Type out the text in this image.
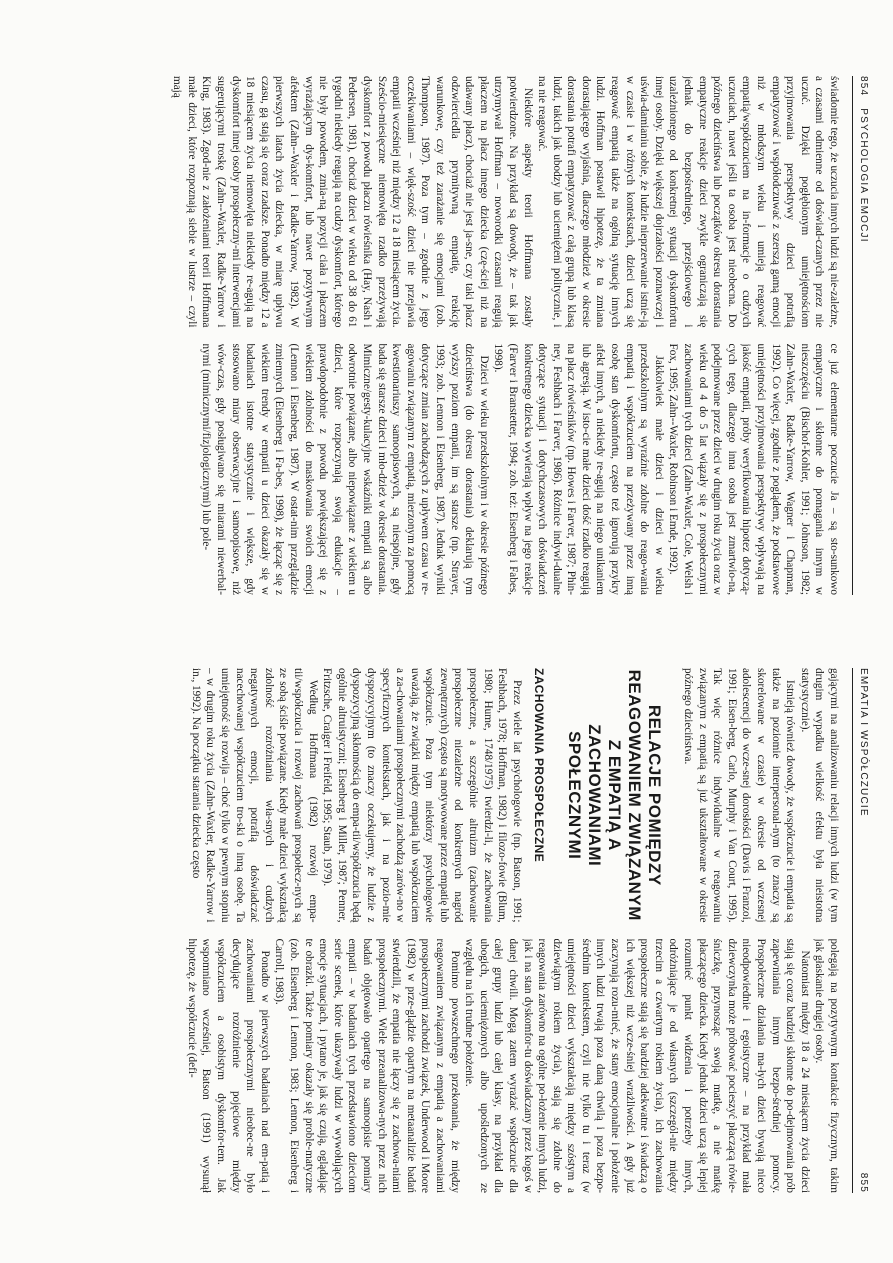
854 PSYCHOLOGIA EMOCJI

świadomie tego, że uczucia innych ludzi są nie-zależne, a czasami odmienne od doświad-czanych przez nie uczuć. Dzięki pogłębionym umiejętnościom przyjmowania perspektywy dzieci potrafią empatyzować i współodczuwać z szerszą gamą emocji niż w młodszym wieku i umieją reagować empatią/współczuciem na in-formacje o cudzych uczuciach, nawet jeśli ta osoba jest nieobecna. Do późnego dzieciństwa lub początków okresu dorastania empatyczne reakcje dzieci zwykle ograniczają się jednak do bezpośredniego, przejściowego i uzależnionego od konkretnej sytuacji dyskomfortu innej osoby. Dzięki większej dojrzałości poznawczej i uświa-damianiu sobie, że ludzie nieprzerwanie istnie-ją w czasie i w różnych kontekstach, dzieci uczą się reagować empatią także na ogólną sytuację innych ludzi. Hoffman postawił hipotezę, że ta zmiana dorastającego wyjaśnia, dlaczego młodzież w okresie dorastania potrafi empatyzować z całą grupą lub klasą ludzi, takich jak ubodzy lub uciemiężeni politycznie, i na nie reagować.

Niektóre aspekty teorii Hoffmana zostały potwierdzone. Na przykład są dowody, że – tak jak utrzymywał Hoffman – noworodki czasami reagują płaczem na płacz innego dziecka (czę-ściej niż na udawany płacz), chociaż nie jest ja-sne, czy taki płacz odzwierciedla prymitywną empatię, reakcję warunkowe, czy też zarażanie się emocjami (zob. Thompson, 1987). Poza tym – zgodnie z jego oczekiwaniami – więk-szość dzieci nie przejawia empatii wcześniej niż między 12 a 18 miesiącem życia. Sześcio-miesięczne niemowlęta rzadko przeżywają dyskomfort z powodu płaczu rówieśnika (Hay, Nash i Pedersen, 1981), chociaż dzieci w wieku od 38 do 61 tygodni niekiedy reagują na cudzy dyskomfort, którego nie były powodem, zmia-ną pozycji ciała i płaczem wyrażającym dys-komfort, lub nawet pozytywnym afektem (Zahn--Waxler i Radke-Yarrow, 1982). W pierwszych latach życia dziecka, w miarę upływu czasu, gą stają się coraz rzadsze. Ponadto między 12 a 18 miesiącem życia niemowlęta niekiedy re-agują na dyskomfort innej osoby prospołeczny-mi interwencjami sugerującymi troskę (Zahn--Waxler, Radke-Yarrow i King, 1983). Zgod-nie z założeniami teorii Hoffmana małe dzieci, które rozpoznają siebie w lustrze – czyli mają

ce już elementarne poczucie Ja – są sto-sunkowo empatyczne i skłonne do pomagania innym w nieszczęściu (Bischof-Kohler, 1991; Johnson, 1982; Zahn-Waxler, Radke-Yarrow, Wagner i Chapman, 1992). Co więcej, zgodnie z poglądem, że podstawowe umiejętności przyjmowania perspektywy wpływają na jakość empatii, próby weryfikowania hipotez dotyczą-cych tego, dlaczego inna osoba jest zmartwio-na, podejmowane przez dzieci w drugim roku życia oraz w wieku od 4 do 5 lat wiązały się z prospołecznymi zachowaniami tych dzieci (Zahn-Waxler, Cole, Welsh i Fox, 1995; Zahn--Waxler, Robinson i Emde, 1992).

Jakkolwiek małe dzieci i dzieci w wieku przedszkolnym są wyraźnie zdolne do reago-wania empatią i współczuciem na przeżywany przez inną osobę stan dyskomfortu, często też ignorują przykry afekt innych, a niekiedy re-agują na niego unikaniem lub agresją. W isto-cie małe dzieci dość rzadko reagują na płacz rówieśników (np. Howes i Farver, 1987; Phin-ney, Feshbach i Farver, 1986). Różnice indywi-dualne dotyczące sytuacji i dotychczasowych doświadczeń konkretnego dziecka wywierają wpływ na jego reakcje (Farver i Branstetter, 1994; zob. też: Eisenberg i Fabes, 1998).

Dzieci w wieku przedszkolnym i w okresie późnego dzieciństwa (do okresu dorastania) deklarują tym wyższy poziom empatii, im są starsze (np. Strayer, 1993; zob. Lennon i Eisenberg, 1987). Jednak wyniki dotyczące zmian zachodzących z upływem czasu w re-agowaniu związanym z empatią, mierzonym za pomocą kwestionariuszy samoopisowych, są niespójne, gdy bada się starsze dzieci i mło-dzież w okresie dorastania. Mimiczne/gesty-kulacyjne wskaźniki empatii są albo odwrotnie powiązane, albo niepowiązane z wiekiem u dzieci, które rozpoczynają swoją edukacje – prawdopodobnie z powodu powiększającej się z wiekiem zdolności do maskowania swoich emocji (Lennon i Eisenberg, 1987). W ostat-nim przeglądzie zmiennych (Eisenberg i Fa-bes, 1998), że łącząc się z wiekiem trendy w empatii u dzieci okazały się w badaniach istotne statystycznie i większe, gdy stosowano miary obserwacyjne i samoopisowe, niż wów-czas, gdy posługiwano się miarami niewerbal-nymi (mimicznymi/fizjologicznymi) lub pole-

855
EMPATIA I WSPÓŁCZUCIE

gającymi na analizowaniu relacji innych ludzi (w tym drugim wypadku wielkość efektu była nieistotna statystycznie).

Istnieją również dowody, że współczucie i empatia są także na poziomie interpersonal-nym (to znaczy są skorelowane w czasie) w okresie od wczesnej adolescencji do wcze-snej dorosłości (Davis i Franzoi, 1991; Eisen-berg, Carlo, Murphy i Van Court, 1995). Tak więc różnice indywidualne w reagowaniu związanym z empatią są już ukształtowane w okresie późnego dzieciństwa.

RELACJE POMIĘDZY REAGOWANIEM ZWIĄZANYM Z EMPATIĄ A ZACHOWANIAMI SPOŁECZNYMI
ZACHOWANIA PROSPOŁECZNE

Przez wiele lat psychologowie (np. Batson, 1991; Feshbach, 1978; Hoffman, 1982) i filozo-fowie (Blum, 1980; Hume, 1748/1975) twierdzi-li, że zachowania prospołeczne, a szczególnie altruizm (zachowanie prospołeczne niezależne od konkretnych nagród zewnętrznych) często są motywowane przez empatię lub współczucie. Poza tym niektórzy psychologowie uważają, że związki między empatią lub współczuciem a za-chowaniami prospołecznymi zachodzą zarów-no w specyficznych kontekstach, jak i na pozio-mie dyspozycyjnym (to znaczy oczekujemy, że ludzie z dyspozycyjną skłonnością do empa-tii/współczucia będą ogólnie altruistyczni; Eisenberg i Miller, 1987; Penner, Fritzsche, Craiger i Freifeld, 1995; Staub, 1979).

Według Hoffmana (1982) rozwój empa-tii/współczucia i rozwój zachowań prospołecz-nych są ze sobą ściśle powiązane. Kiedy małe dzieci wykształcą zdolność rozróżniania wła-snych i cudzych negatywnych emocji, potrafią doświadczać nacechowanej współczuciem tro-ski o inną osobę. Ta umiejętność się rozwija – choć tylko w pewnym stopniu – w drugim roku życia (Zahn-Waxler, Radke-Yarrow i in., 1992). Na początku starania dziecka często

polegają na pozytywnym kontakcie fizycznym, takim jak głaskanie drugiej osoby.

Natomiast między 18 a 24 miesiącem życia dzieci stają się coraz bardziej skłonne do po-dejmowania prób zapewniania innym bezpo-średniej pomocy. Prospołeczne działania ma-łych dzieci bywają nieco nieodpowiednie i egoistyczne – na przykład mała dziewczynka może próbować pocieszyć płaczącą rówie-śniczkę, przynosząc swoją matkę, a nie matkę płaczącego dziecka. Kiedy jednak dzieci uczą się lepiej rozumieć punkt widzenia i potrzeby innych, odróżniające je od własnych (szczegól-nie między trzecim a czwartym rokiem życia), ich zachowania prospołeczne stają się bardziej adekwatne i świadczą o ich większej niż wcze-śniej wrażliwości. A gdy już zaczynają rozu-mieć, że stany emocjonalne i położenie innych ludzi trwają poza daną chwilą i poza bezpo-średnim kontekstem, czyli nie tylko tu i teraz (w umiejętności dzieci wykształcają między szóstym a dziewiątym rokiem życia), stają się zdolne do reagowania zarówno na ogólne po-łożenie innych ludzi, jak i na stan dyskomfor-tu doświadczany przez kogoś w danej chwili. Mogą zatem wyrażać współczucie dla całej grupy ludzi lub całej klasy, na przykład dla ubogich, uciemiężonych albo upośledzonych ze względu na ich trudne położenie.

Pomimo powszechnego przekonania, że między reagowaniem związanym z empatią a zachowaniami prospołecznymi zachodzi związek, Underwood i Moore (1982) w prze-glądzie opartym na metaanalizie badań stwierdzili, że empatia nie łączy się z zachowa-niami prospołecznymi. Wiele przeanalizowa-nych przez nich badań objętowało opartego na samoopisie pomiary empatii – w badaniach tych przedstawiono dzieciom serie scenek, które ukazywały ludzi w wywołujących emocje sytuacjach, i pytano je, jak się czują, oglądając te obrazki. Także pomiary okazały się proble-matyczne (zob. Eisenberg i Lennon, 1983; Lennon, Eisenberg i Carroll, 1983).

Ponadto w pierwszych badaniach nad em-patią i zachowaniami prospołecznymi nieobec-ne było decydujące rozróżnienie pojęciowe między współczuciem a osobistym dyskomfor-tem. Jak wspomniano wcześniej, Batson (1991) wysunął hipotezę, że współczucie (defi-
